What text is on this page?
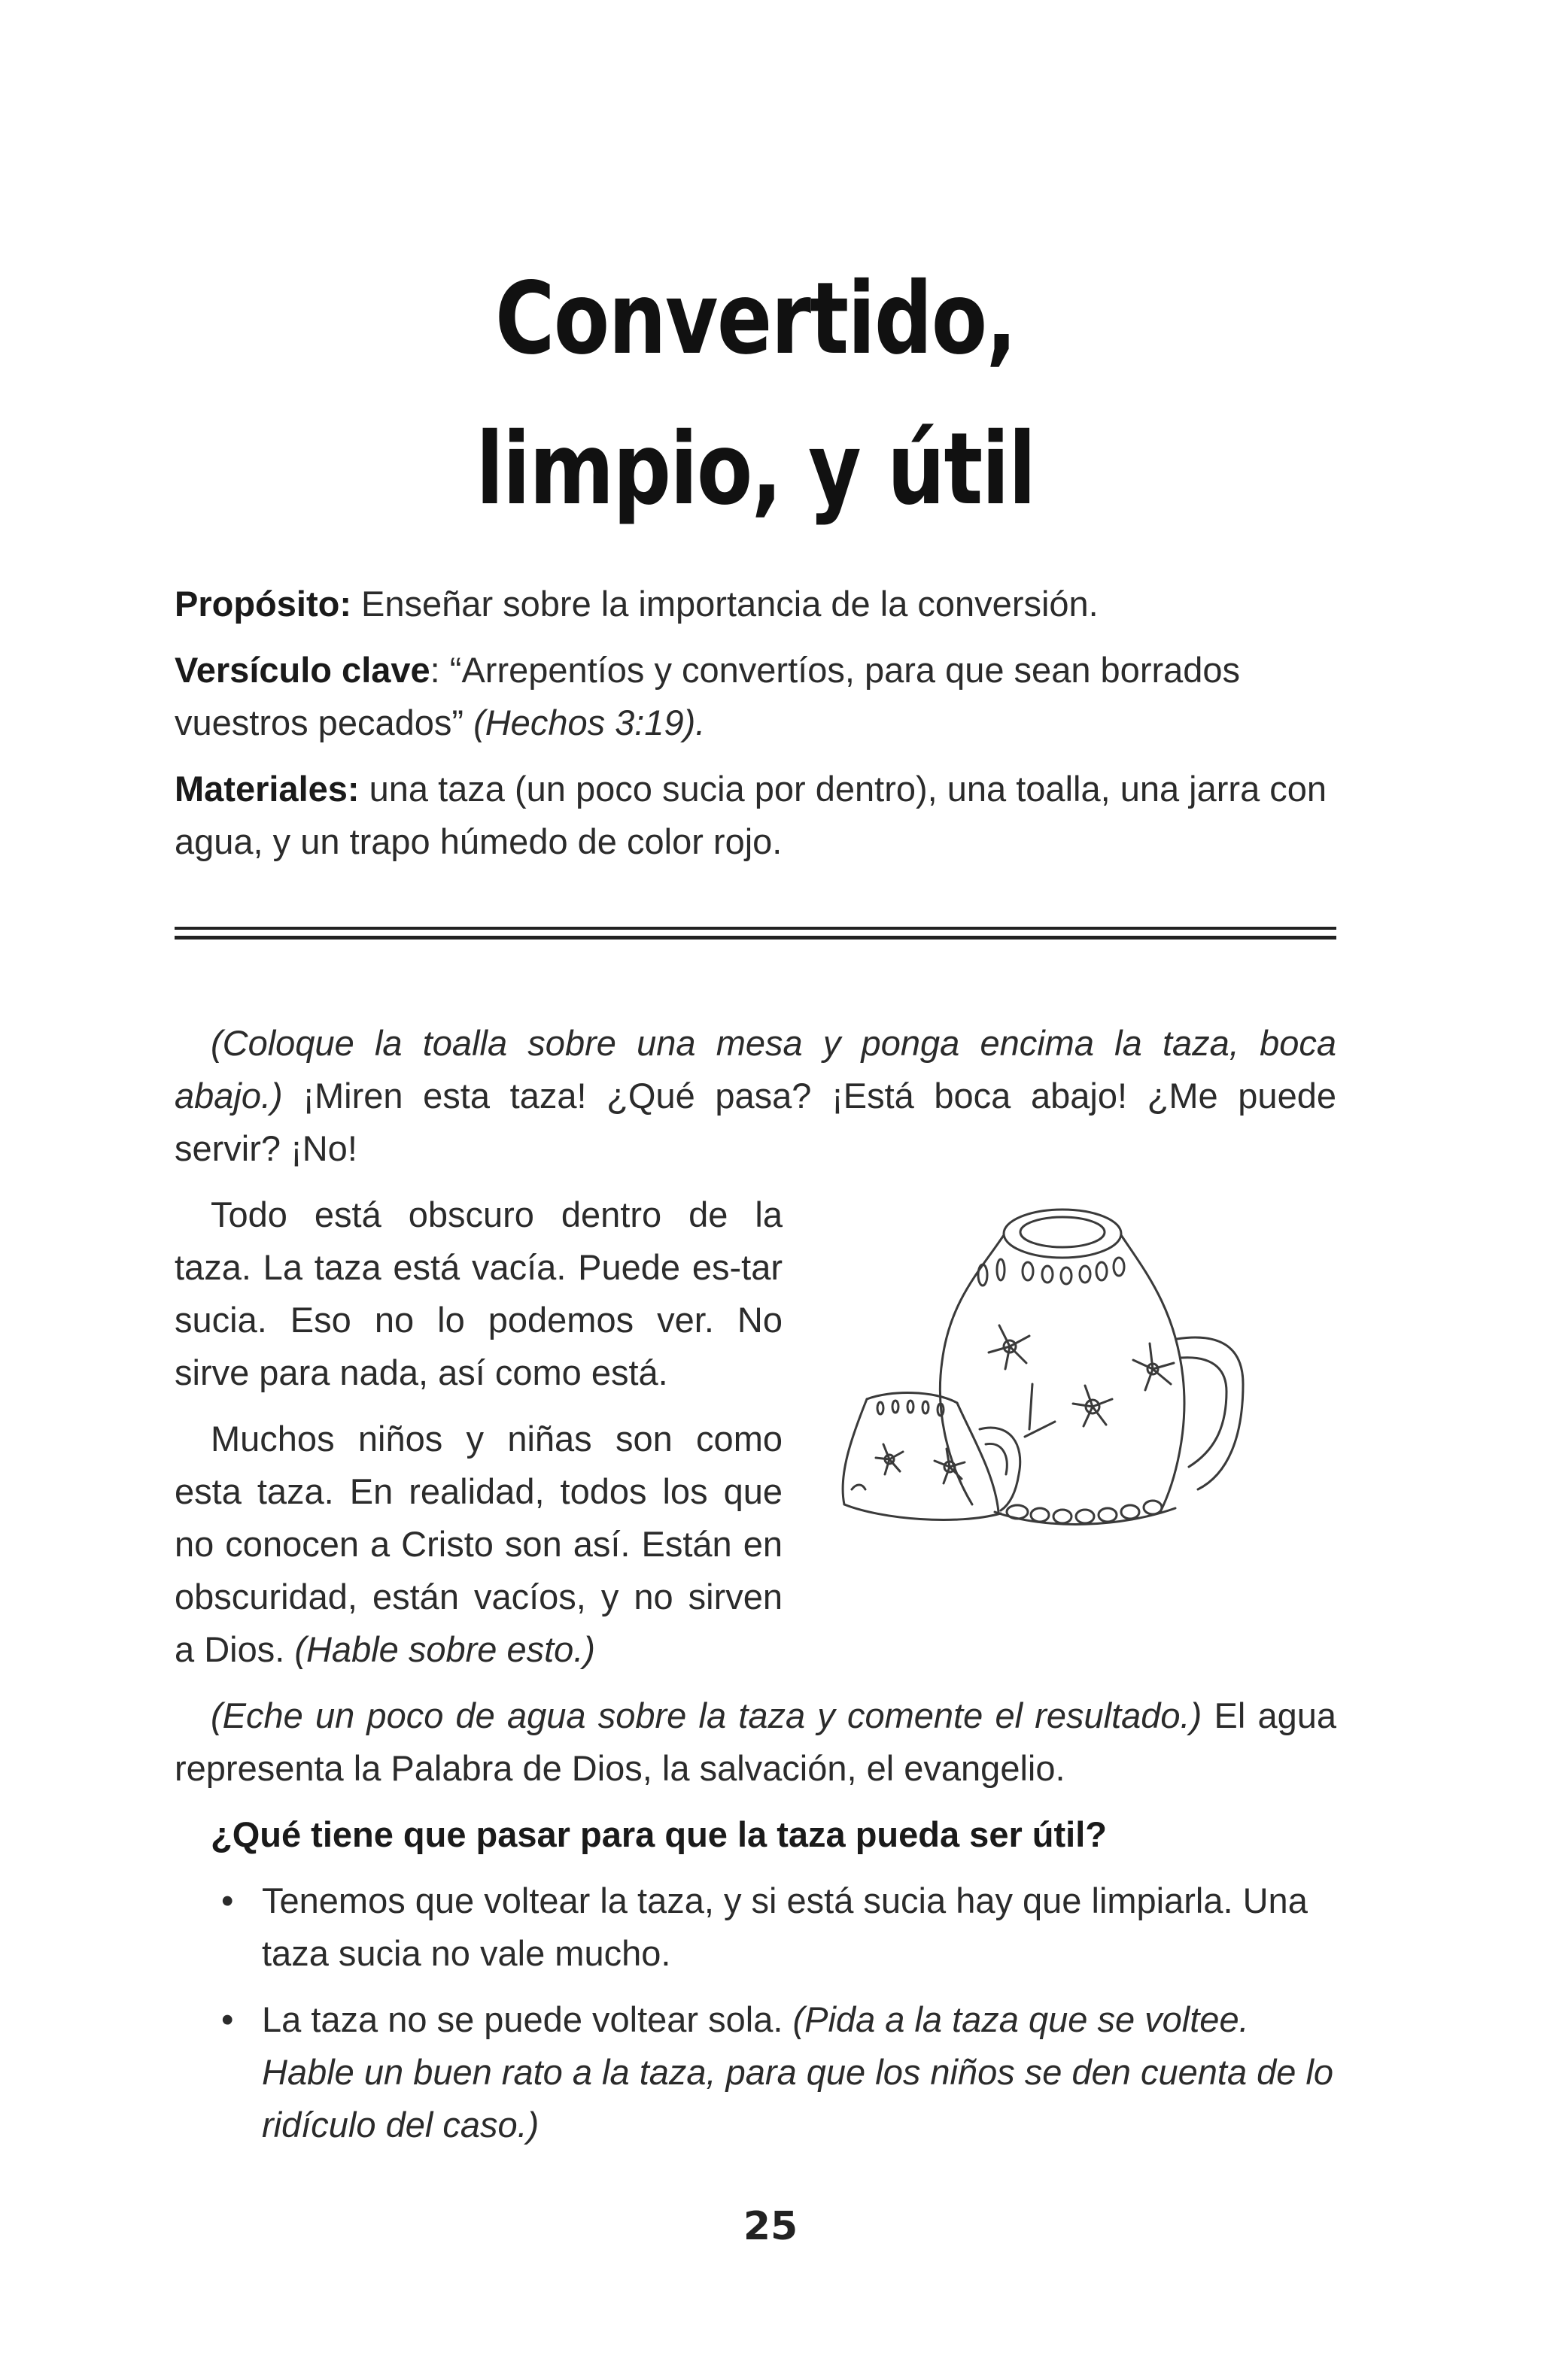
Convertido,
limpio, y útil
Propósito: Enseñar sobre la importancia de la conversión.
Versículo clave: “Arrepentíos y convertíos, para que sean borrados vuestros pecados” (Hechos 3:19).
Materiales: una taza (un poco sucia por dentro), una toalla, una jarra con agua, y un trapo húmedo de color rojo.
(Coloque la toalla sobre una mesa y ponga encima la taza, boca abajo.) ¡Miren esta taza! ¿Qué pasa? ¡Está boca abajo! ¿Me puede servir? ¡No!
Todo está obscuro dentro de la taza. La taza está vacía. Puede es-tar sucia. Eso no lo podemos ver. No sirve para nada, así como está.
Muchos niños y niñas son como esta taza. En realidad, todos los que no conocen a Cristo son así. Están en obscuridad, están vacíos, y no sirven a Dios. (Hable sobre esto.)
(Eche un poco de agua sobre la taza y comente el resultado.) El agua representa la Palabra de Dios, la salvación, el evangelio.
¿Qué tiene que pasar para que la taza pueda ser útil?
• Tenemos que voltear la taza, y si está sucia hay que limpiarla. Una taza sucia no vale mucho.
• La taza no se puede voltear sola. (Pida a la taza que se voltee. Hable un buen rato a la taza, para que los niños se den cuenta de lo ridículo del caso.)
25
